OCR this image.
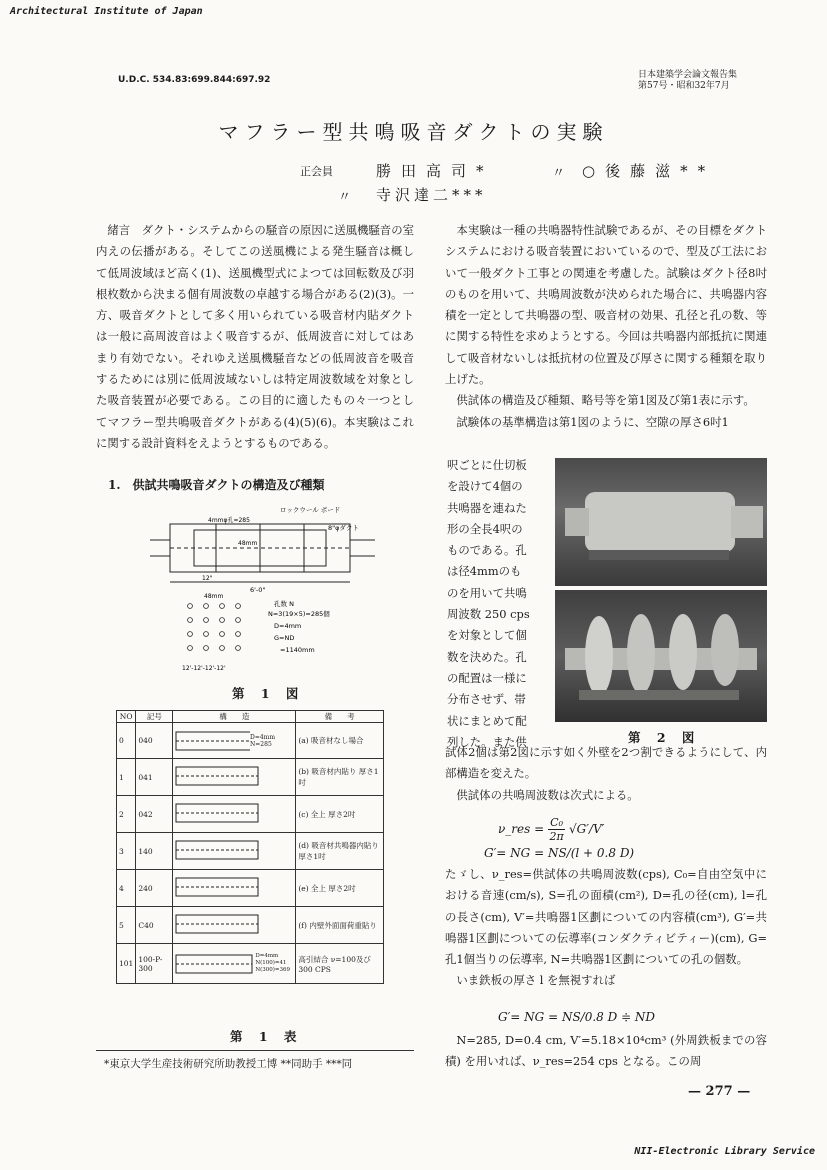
Architectural Institute of Japan
NII-Electronic Library Service
U.D.C. 534.83:699.844:697.92	日本建築学会論文報告集
第57号・昭和32年7月
マフラー型共鳴吸音ダクトの実験
正会員	勝田高司*	〃 ○後藤滋**
〃 寺沢達二***

緒言　ダクト・システムからの騒音の原因に送風機騒音の室内えの伝播がある。そしてこの送風機による発生騒音は概して低周波域ほど高く(1)、送風機型式によつては回転数及び羽根枚数から決まる個有周波数の卓越する場合がある(2)(3)。一方、吸音ダクトとして多く用いられている吸音材内貼ダクトは一般に高周波音はよく吸音するが、低周波音に対してはあまり有効でない。それゆえ送風機騒音などの低周波音を吸音するためには別に低周波域ないしは特定周波数域を対象とした吸音装置が必要である。この目的に適したもの々一つとしてマフラー型共鳴吸音ダクトがある(4)(5)(6)。本実験はこれに関する設計資料をえようとするものである。

1.　供試共鳴吸音ダクトの構造及び種類
ロックウール ボード
8"φダクト
4mmφ孔=285
48mm
12"
6'-0"
48mm
孔数 N
N=3(19×5)=285個
D=4mm
G=ND
=1140mm
12'-12'-12'-12'
第 1 図
NO	記号	構　　造	備　　考
0	040	D=4mm N=285	(a) 吸音材なし場合
1	041		(b) 吸音材内貼り 厚さ1吋
2	042		(c) 全上 厚さ2吋
3	140		(d) 吸音材共鳴器内貼り 厚さ1吋
4	240		(e) 全上 厚さ2吋
5	C40		(f) 内壁外面面荷重貼り
101	100-P-300	D=4mm N(100)=41 N(300)=369	高引結合 ν=100及び300 CPS
第 1 表
*東京大学生産技術研究所助教授工博 **同助手 ***同

本実験は一種の共鳴器特性試験であるが、その目標をダクトシステムにおける吸音装置においているので、型及び工法において一般ダクト工事との関連を考慮した。試験はダクト径8吋のものを用いて、共鳴周波数が決められた場合に、共鳴器内容積を一定として共鳴器の型、吸音材の効果、孔径と孔の数、等に関する特性を求めようとする。今回は共鳴器内部抵抗に関連して吸音材ないしは抵抗材の位置及び厚さに関する種類を取り上げた。

供試体の構造及び種類、略号等を第1図及び第1表に示す。

試験体の基準構造は第1図のように、空隙の厚さ6吋1

呎ごとに仕切板
を設けて4個の
共鳴器を連ねた
形の全長4呎の
ものである。孔
は径4mmのも
のを用いて共鳴
周波数 250 cps
を対象として個
数を決めた。孔
の配置は一様に
分布させず、帯
状にまとめて配
列した。また供	第 2 図

試体2個は第2図に示す如く外壁を2つ割できるようにして、内部構造を変えた。

供試体の共鳴周波数は次式による。

ν_res = $\frac{\text{C₀}}{2\pi} √G'/V'$
G′= NG = NS/(l + 0.8 D)

たゞし、ν_res=供試体の共鳴周波数(cps), C₀=自由空気中における音速(cm/s), S=孔の面積(cm²), D=孔の径(cm), l=孔の長さ(cm), V′=共鳴器1区劃についての内容積(cm³), G′=共鳴器1区劃についての伝導率(コンダクティビティー)(cm), G=孔1個当りの伝導率, N=共鳴器1区劃についての孔の個数。

いま鉄板の厚さ l を無視すれば

G′= NG = NS/0.8 D ≑ ND

N=285, D=0.4 cm, V′=5.18×10⁴cm³ (外周鉄板までの容積) を用いれば、ν_res=254 cps となる。この周

— 277 —
